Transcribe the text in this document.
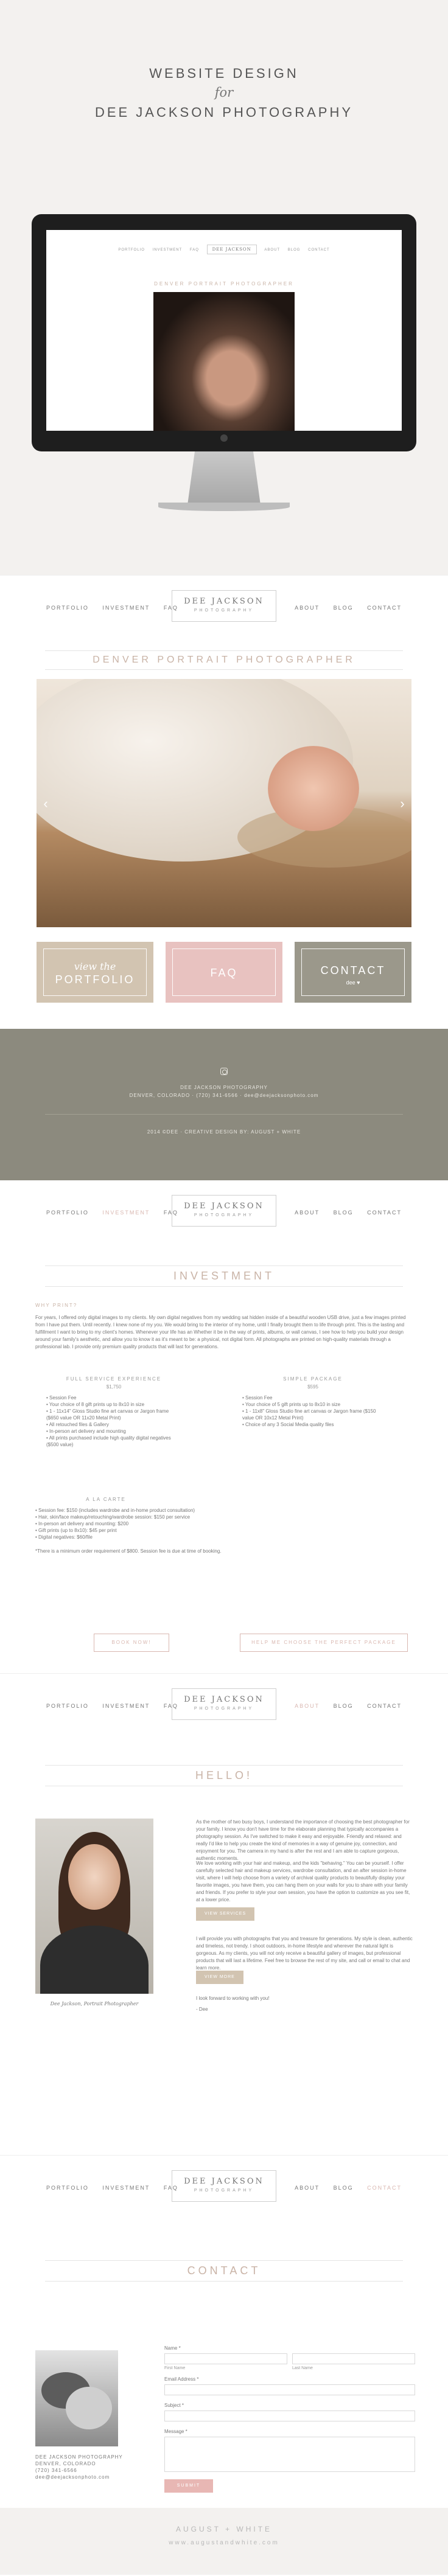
WEBSITE DESIGN
for
DEE JACKSON PHOTOGRAPHY
PORTFOLIO INVESTMENT FAQ	DEE JACKSON	ABOUT BLOG CONTACT
DENVER PORTRAIT PHOTOGRAPHER
PORTFOLIO	INVESTMENT	FAQ
DEE JACKSON
PHOTOGRAPHY	ABOUT	BLOG	CONTACT
DENVER PORTRAIT PHOTOGRAPHER
‹	›
view the
PORTFOLIO
FAQ	CONTACT
dee ♥
DEE JACKSON PHOTOGRAPHY
DENVER, COLORADO · (720) 341-6566 · dee@deejacksonphoto.com
2014 ©DEE · CREATIVE DESIGN BY: AUGUST + WHITE
PORTFOLIO	INVESTMENT	FAQ
DEE JACKSON
PHOTOGRAPHY	ABOUT	BLOG	CONTACT
INVESTMENT
WHY PRINT?

For years, I offered only digital images to my clients. My own digital negatives from my wedding sat hidden inside of a beautiful wooden USB drive, just a few images printed from I have put them. Until recently. I knew none of my you. We would bring to the interior of my home, until I finally brought them to life through print. This is the lasting and fulfillment I want to bring to my client's homes. Whenever your life has an Whether it be in the way of prints, albums, or wall canvas, I see how to help you build your design around your family's aesthetic, and allow you to know it as it's meant to be: a physical, not digital form. All photographs are printed on high-quality materials through a professional lab. I provide only premium quality products that will last for generations.

FULL SERVICE EXPERIENCE
$1,750
• Session Fee
• Your choice of 8 gift prints up to 8x10 in size
• 1 - 11x14" Gloss Studio fine art canvas or Jargon frame ($650 value OR 11x20 Metal Print)
• All retouched files & Gallery
• In-person art delivery and mounting
• All prints purchased include high quality digital negatives ($500 value)
SIMPLE PACKAGE
$595
• Session Fee
• Your choice of 5 gift prints up to 8x10 in size
• 1 - 11x8" Gloss Studio fine art canvas or Jargon frame ($150 value OR 10x12 Metal Print)
• Choice of any 3 Social Media quality files
A LA CARTE
• Session fee: $150 (includes wardrobe and in-home product consultation)
• Hair, skin/face makeup/retouching/wardrobe session: $150 per service
• In-person art delivery and mounting: $200
• Gift prints (up to 8x10): $45 per print
• Digital negatives: $60/file

*There is a minimum order requirement of $800. Session fee is due at time of booking.

BOOK NOW!	HELP ME CHOOSE THE PERFECT PACKAGE
PORTFOLIO	INVESTMENT	FAQ
DEE JACKSON
PHOTOGRAPHY	ABOUT	BLOG	CONTACT
HELLO!
Dee Jackson, Portrait Photographer

As the mother of two busy boys, I understand the importance of choosing the best photographer for your family. I know you don't have time for the elaborate planning that typically accompanies a photography session. As I've switched to make it easy and enjoyable. Friendly and relaxed: and really I'd like to help you create the kind of memories in a way of genuine joy, connection, and enjoyment for you. The camera in my hand is after the rest and I am able to capture gorgeous, authentic moments.

We love working with your hair and makeup, and the kids "behaving." You can be yourself. I offer carefully selected hair and makeup services, wardrobe consultation, and an after session in-home visit, where I will help choose from a variety of archival quality products to beautifully display your favorite images, you have them, you can hang them on your walls for you to share with your family and friends. If you prefer to style your own session, you have the option to customize as you see fit, at a lower price.

VIEW SERVICES

I will provide you with photographs that you and treasure for generations. My style is clean, authentic and timeless, not trendy. I shoot outdoors, in-home lifestyle and wherever the natural light is gorgeous. As my clients, you will not only receive a beautiful gallery of images, but professional products that will last a lifetime. Feel free to browse the rest of my site, and call or email to chat and learn more.

VIEW MORE

I look forward to working with you!

- Dee

PORTFOLIO	INVESTMENT	FAQ
DEE JACKSON
PHOTOGRAPHY	ABOUT	BLOG	CONTACT
CONTACT
DEE JACKSON PHOTOGRAPHY
DENVER, COLORADO
(720) 341-6566
dee@deejacksonphoto.com
Name *
First Name	Last Name
Email Address *
Subject *
Message *
SUBMIT
AUGUST + WHITE
www.augustandwhite.com
